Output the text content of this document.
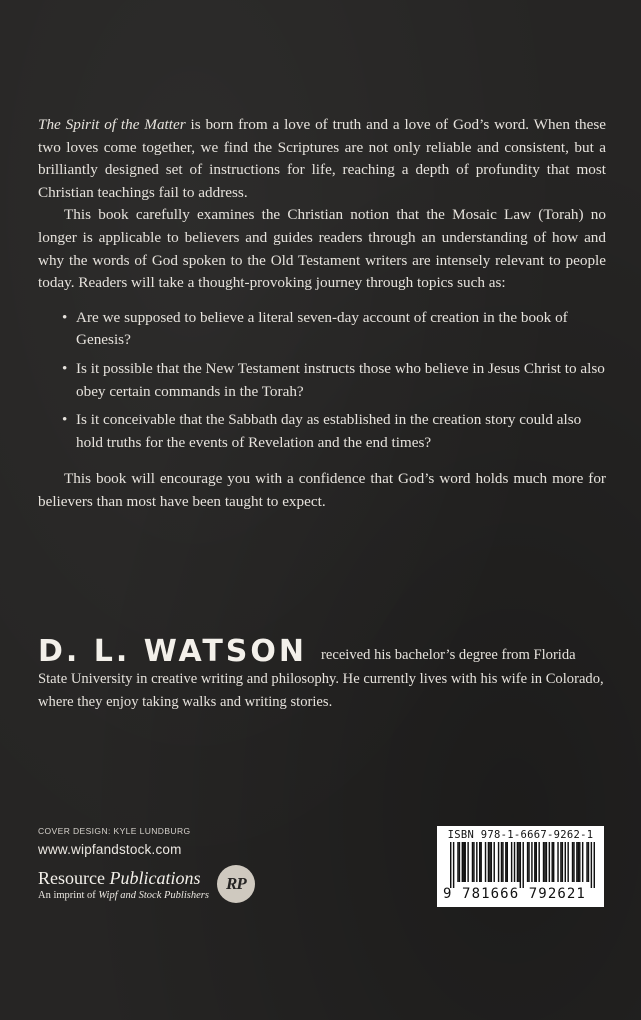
The Spirit of the Matter is born from a love of truth and a love of God’s word. When these two loves come together, we find the Scriptures are not only reliable and consistent, but a brilliantly designed set of instructions for life, reaching a depth of profundity that most Christian teachings fail to address.

This book carefully examines the Christian notion that the Mosaic Law (Torah) no longer is applicable to believers and guides readers through an understanding of how and why the words of God spoken to the Old Testament writers are intensely relevant to people today. Readers will take a thought-provoking journey through topics such as:

• Are we supposed to believe a literal seven-day account of creation in the book of Genesis?
• Is it possible that the New Testament instructs those who believe in Jesus Christ to also obey certain commands in the Torah?
• Is it conceivable that the Sabbath day as established in the creation story could also hold truths for the events of Revelation and the end times?

This book will encourage you with a confidence that God’s word holds much more for believers than most have been taught to expect.

D. L. WATSON received his bachelor’s degree from Florida State University in creative writing and philosophy. He currently lives with his wife in Colorado, where they enjoy taking walks and writing stories.
COVER DESIGN: KYLE LUNDBURG
www.wipfandstock.com
Resource Publications
An imprint of Wipf and Stock Publishers
RP
ISBN 978-1-6667-9262-1
9 781666 792621
